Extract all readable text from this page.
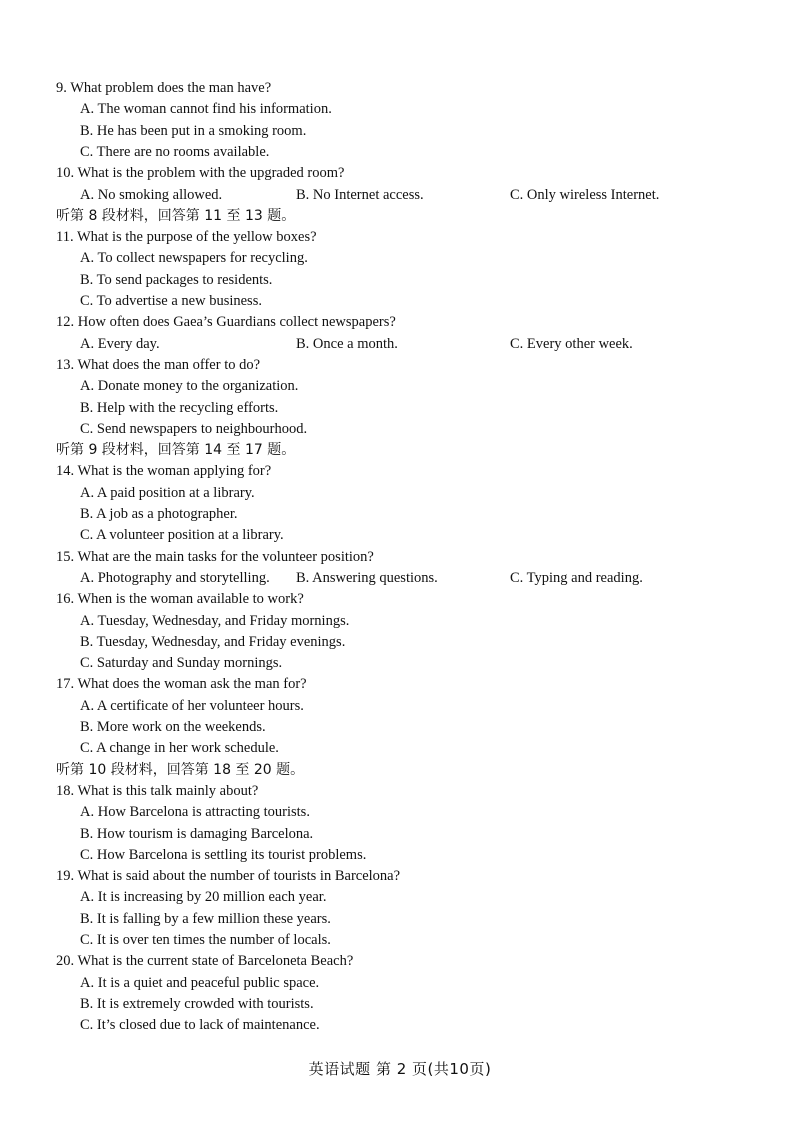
9. What problem does the man have?
A. The woman cannot find his information.
B. He has been put in a smoking room.
C. There are no rooms available.
10. What is the problem with the upgraded room?
A. No smoking allowed.	B. No Internet access.	C. Only wireless Internet.
听第 8 段材料，回答第 11 至 13 题。
11. What is the purpose of the yellow boxes?
A. To collect newspapers for recycling.
B. To send packages to residents.
C. To advertise a new business.
12. How often does Gaea’s Guardians collect newspapers?
A. Every day.	B. Once a month.	C. Every other week.
13. What does the man offer to do?
A. Donate money to the organization.
B. Help with the recycling efforts.
C. Send newspapers to neighbourhood.
听第 9 段材料，回答第 14 至 17 题。
14. What is the woman applying for?
A. A paid position at a library.
B. A job as a photographer.
C. A volunteer position at a library.
15. What are the main tasks for the volunteer position?
A. Photography and storytelling. B. Answering questions.	C. Typing and reading.
16. When is the woman available to work?
A. Tuesday, Wednesday, and Friday mornings.
B. Tuesday, Wednesday, and Friday evenings.
C. Saturday and Sunday mornings.
17. What does the woman ask the man for?
A. A certificate of her volunteer hours.
B. More work on the weekends.
C. A change in her work schedule.
听第 10 段材料，回答第 18 至 20 题。
18. What is this talk mainly about?
A. How Barcelona is attracting tourists.
B. How tourism is damaging Barcelona.
C. How Barcelona is settling its tourist problems.
19. What is said about the number of tourists in Barcelona?
A. It is increasing by 20 million each year.
B. It is falling by a few million these years.
C. It is over ten times the number of locals.
20. What is the current state of Barceloneta Beach?
A. It is a quiet and peaceful public space.
B. It is extremely crowded with tourists.
C. It’s closed due to lack of maintenance.
英语试题 第 2 页(共10页)
